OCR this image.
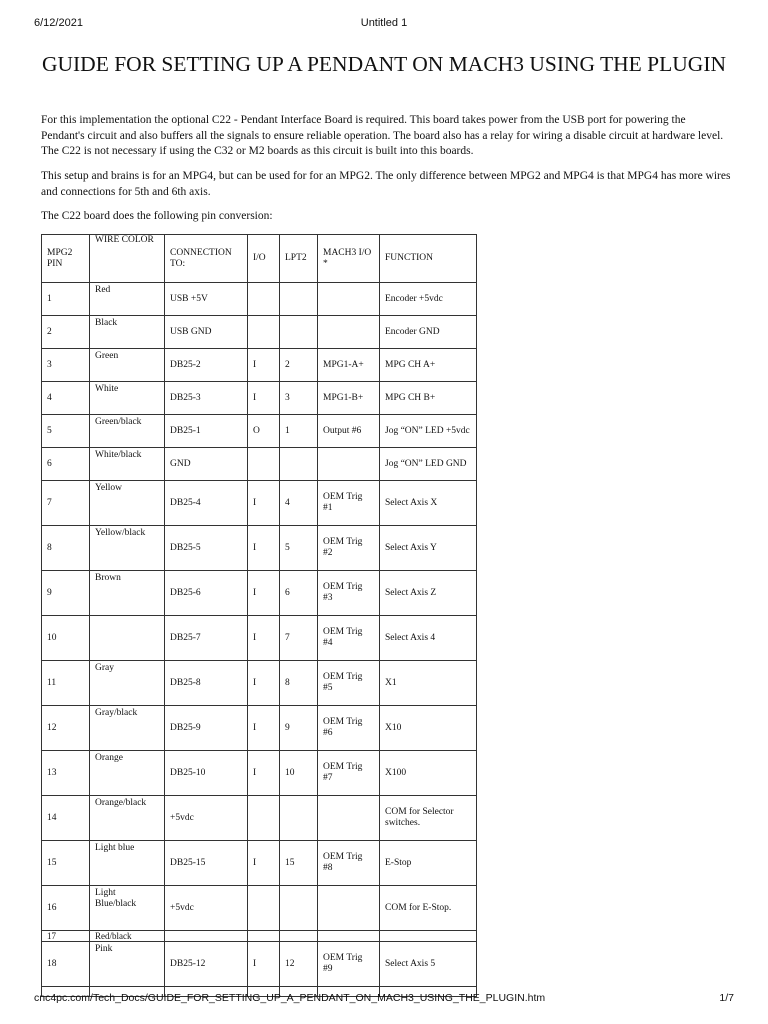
6/12/2021	Untitled 1
GUIDE FOR SETTING UP A PENDANT ON MACH3 USING THE PLUGIN

For this implementation the optional C22 - Pendant Interface Board is required. This board takes power from the USB port for powering the Pendant's circuit and also buffers all the signals to ensure reliable operation. The board also has a relay for wiring a disable circuit at hardware level. The C22 is not necessary if using the C32 or M2 boards as this circuit is built into this boards.

This setup and brains is for an MPG4, but can be used for for an MPG2. The only difference between MPG2 and MPG4 is that MPG4 has more wires and connections for 5th and 6th axis.

The C22 board does the following pin conversion:

MPG2 PIN	WIRE COLOR	CONNECTION TO:	I/O	LPT2	MACH3 I/O *	FUNCTION
1	Red	USB +5V				Encoder +5vdc
2	Black	USB GND				Encoder GND
3	Green	DB25-2	I	2	MPG1-A+	MPG CH A+
4	White	DB25-3	I	3	MPG1-B+	MPG CH B+
5	Green/black	DB25-1	O	1	Output #6	Jog “ON” LED +5vdc
6	White/black	GND				Jog “ON” LED GND
7	Yellow	DB25-4	I	4	OEM Trig #1	Select Axis X
8	Yellow/black	DB25-5	I	5	OEM Trig #2	Select Axis Y
9	Brown	DB25-6	I	6	OEM Trig #3	Select Axis Z
10		DB25-7	I	7	OEM Trig #4	Select Axis 4
11	Gray	DB25-8	I	8	OEM Trig #5	X1
12	Gray/black	DB25-9	I	9	OEM Trig #6	X10
13	Orange	DB25-10	I	10	OEM Trig #7	X100
14	Orange/black	+5vdc				COM for Selector switches.
15	Light blue	DB25-15	I	15	OEM Trig #8	E-Stop
16	Light Blue/black	+5vdc				COM for E-Stop.
17	Red/black					
18	Pink	DB25-12	I	12	OEM Trig #9	Select Axis 5

cnc4pc.com/Tech_Docs/GUIDE_FOR_SETTING_UP_A_PENDANT_ON_MACH3_USING_THE_PLUGIN.htm	1/7
